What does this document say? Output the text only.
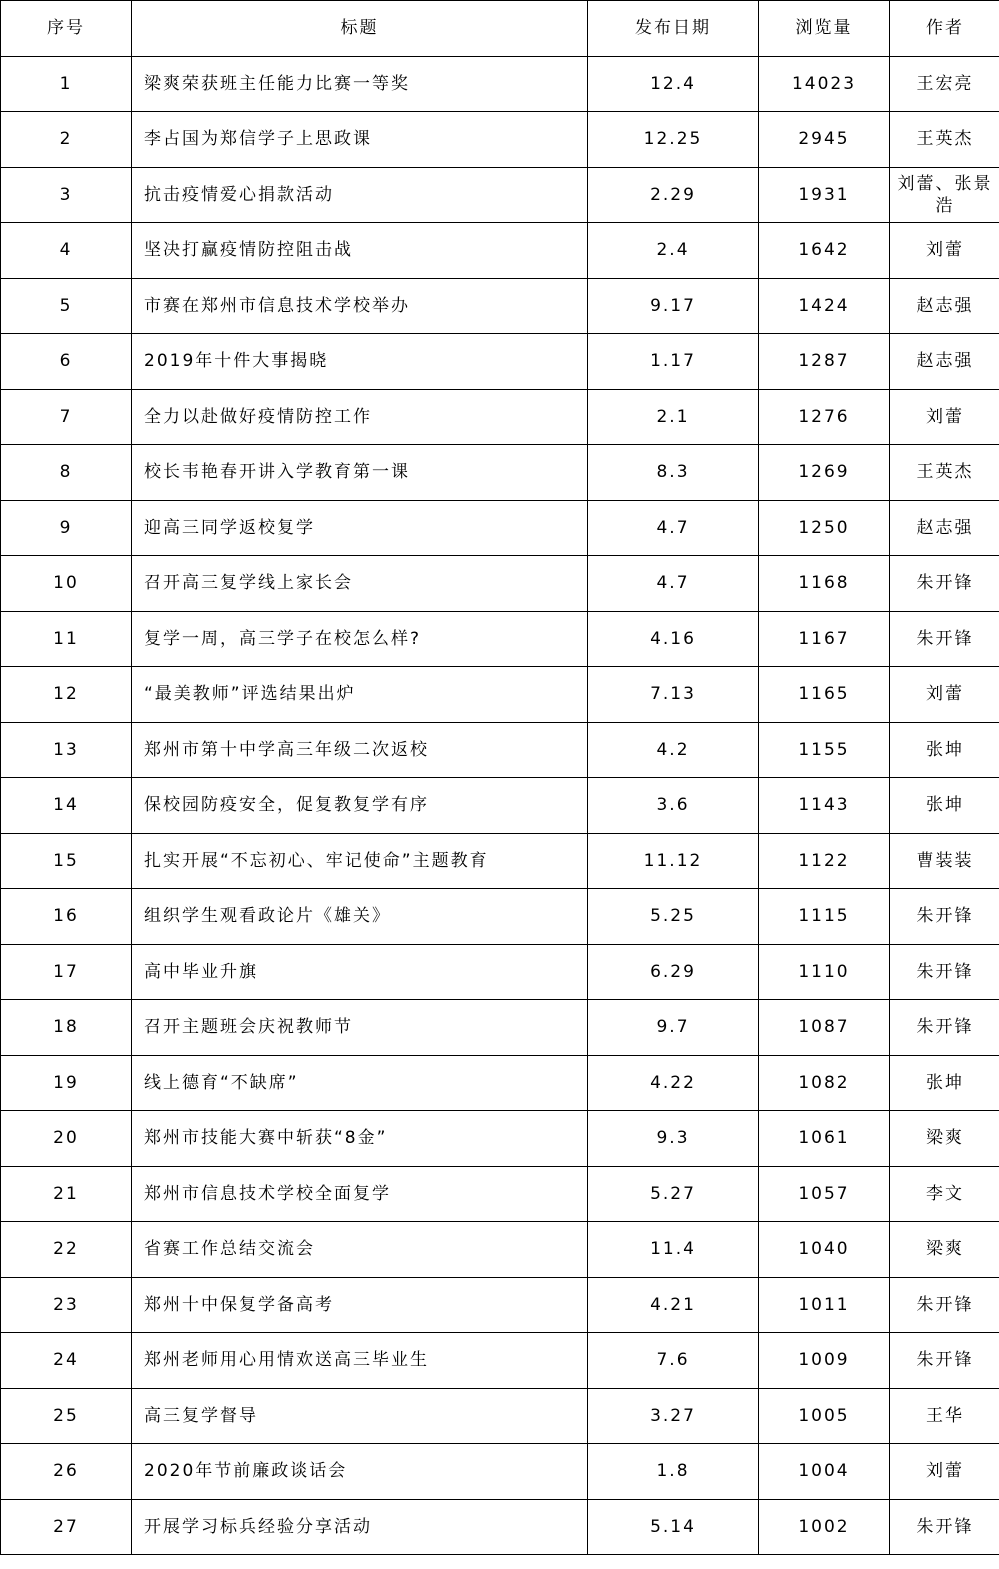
序号	标题	发布日期	浏览量	作者
1	梁爽荣获班主任能力比赛一等奖	12.4	14023	王宏亮
2	李占国为郑信学子上思政课	12.25	2945	王英杰
3	抗击疫情爱心捐款活动	2.29	1931	刘蕾、张景浩
4	坚决打赢疫情防控阻击战	2.4	1642	刘蕾
5	市赛在郑州市信息技术学校举办	9.17	1424	赵志强
6	2019年十件大事揭晓	1.17	1287	赵志强
7	全力以赴做好疫情防控工作	2.1	1276	刘蕾
8	校长韦艳春开讲入学教育第一课	8.3	1269	王英杰
9	迎高三同学返校复学	4.7	1250	赵志强
10	召开高三复学线上家长会	4.7	1168	朱开锋
11	复学一周，高三学子在校怎么样?	4.16	1167	朱开锋
12	“最美教师”评选结果出炉	7.13	1165	刘蕾
13	郑州市第十中学高三年级二次返校	4.2	1155	张坤
14	保校园防疫安全，促复教复学有序	3.6	1143	张坤
15	扎实开展“不忘初心、牢记使命”主题教育	11.12	1122	曹装装
16	组织学生观看政论片《雄关》	5.25	1115	朱开锋
17	高中毕业升旗	6.29	1110	朱开锋
18	召开主题班会庆祝教师节	9.7	1087	朱开锋
19	线上德育“不缺席”	4.22	1082	张坤
20	郑州市技能大赛中斩获“8金”	9.3	1061	梁爽
21	郑州市信息技术学校全面复学	5.27	1057	李文
22	省赛工作总结交流会	11.4	1040	梁爽
23	郑州十中保复学备高考	4.21	1011	朱开锋
24	郑州老师用心用情欢送高三毕业生	7.6	1009	朱开锋
25	高三复学督导	3.27	1005	王华
26	2020年节前廉政谈话会	1.8	1004	刘蕾
27	开展学习标兵经验分享活动	5.14	1002	朱开锋
